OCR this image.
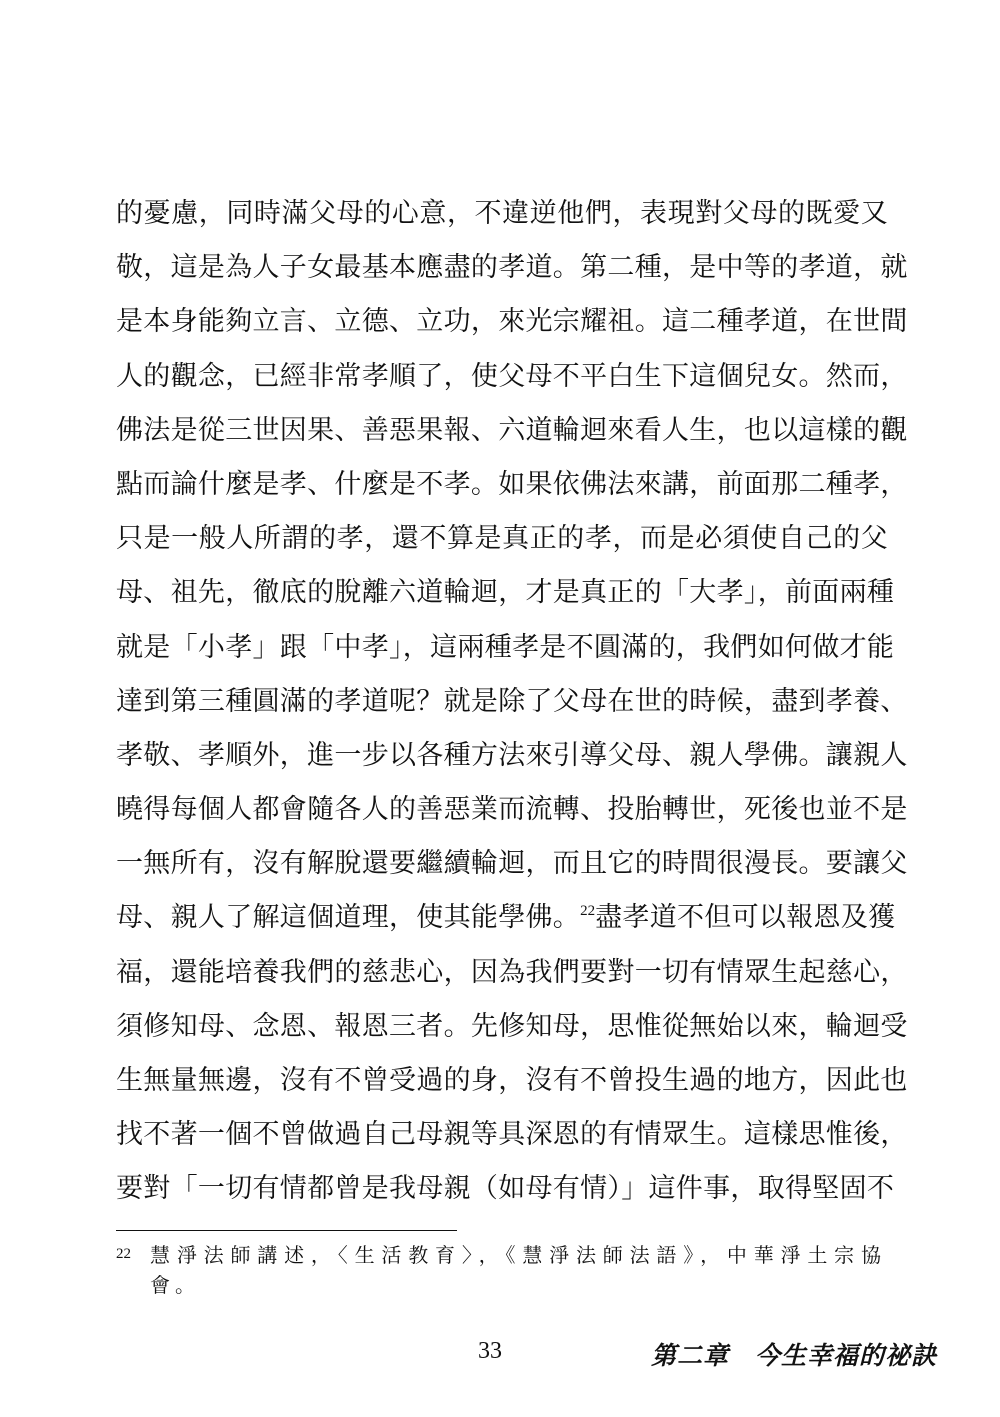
的憂慮，同時滿父母的心意，不違逆他們，表現對父母的既愛又
敬，這是為人子女最基本應盡的孝道。第二種，是中等的孝道，就
是本身能夠立言、立德、立功，來光宗耀祖。這二種孝道，在世間
人的觀念，已經非常孝順了，使父母不平白生下這個兒女。然而，
佛法是從三世因果、善惡果報、六道輪迴來看人生，也以這樣的觀
點而論什麼是孝、什麼是不孝。如果依佛法來講，前面那二種孝，
只是一般人所謂的孝，還不算是真正的孝，而是必須使自己的父
母、祖先，徹底的脫離六道輪迴，才是真正的「大孝」，前面兩種
就是「小孝」跟「中孝」，這兩種孝是不圓滿的，我們如何做才能
達到第三種圓滿的孝道呢？就是除了父母在世的時候，盡到孝養、
孝敬、孝順外，進一步以各種方法來引導父母、親人學佛。讓親人
曉得每個人都會隨各人的善惡業而流轉、投胎轉世，死後也並不是
一無所有，沒有解脫還要繼續輪迴，而且它的時間很漫長。要讓父
母、親人了解這個道理，使其能學佛。$^{22}$盡孝道不但可以報恩及獲
福，還能培養我們的慈悲心，因為我們要對一切有情眾生起慈心，
須修知母、念恩、報恩三者。先修知母，思惟從無始以來，輪迴受
生無量無邊，沒有不曾受過的身，沒有不曾投生過的地方，因此也
找不著一個不曾做過自己母親等具深恩的有情眾生。這樣思惟後，
要對「一切有情都曾是我母親（如母有情）」這件事，取得堅固不
22 慧淨法師講述，〈生活教育〉，《慧淨法師法語》，中華淨土宗協
會。
33	第二章　今生幸福的祕訣
